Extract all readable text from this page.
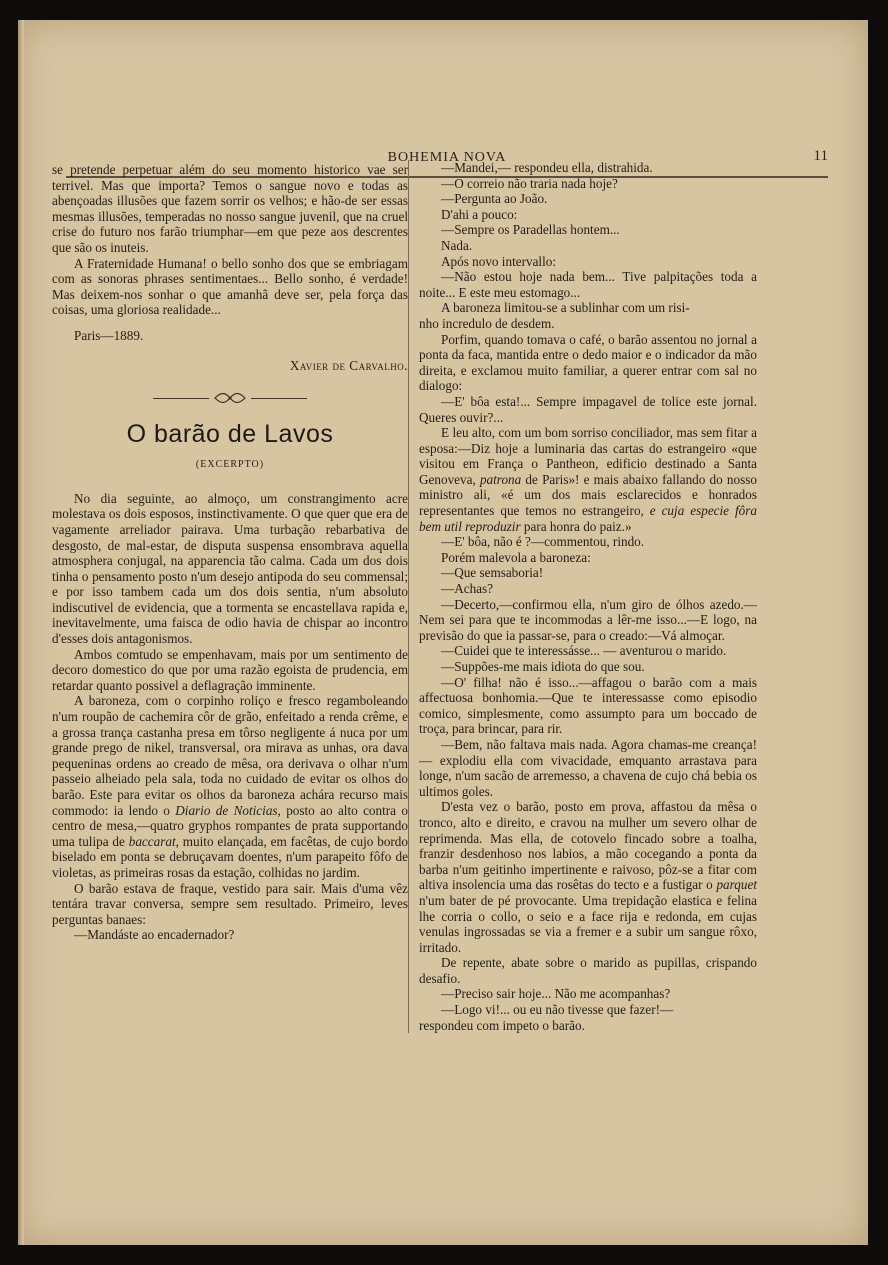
BOHEMIA NOVA	11

se pretende perpetuar além do seu momento historico vae ser terrivel. Mas que importa? Temos o sangue novo e todas as abençoadas illusões que fazem sorrir os velhos; e hão-de ser essas mesmas illusões, temperadas no nosso sangue juvenil, que na cruel crise do futuro nos farão triumphar—em que peze aos descrentes que são os inuteis.

A Fraternidade Humana! o bello sonho dos que se embriagam com as sonoras phrases sentimentaes... Bello sonho, é verdade! Mas deixem-nos sonhar o que amanhã deve ser, pela força das coisas, uma gloriosa realidade...

Paris—1889.

Xavier de Carvalho.

O barão de Lavos

(EXCERPTO)

No dia seguinte, ao almoço, um constrangimento acre molestava os dois esposos, instinctivamente. O que quer que era de vagamente arreliador pairava. Uma turbação rebarbativa de desgosto, de mal-estar, de disputa suspensa ensombrava aquella atmosphera conjugal, na apparencia tão calma. Cada um dos dois tinha o pensamento posto n'um desejo antipoda do seu commensal; e por isso tambem cada um dos dois sentia, n'um absoluto indiscutivel de evidencia, que a tormenta se encastellava rapida e, inevitavelmente, uma faisca de odio havia de chispar ao incontro d'esses dois antagonismos.

Ambos comtudo se empenhavam, mais por um sentimento de decoro domestico do que por uma razão egoista de prudencia, em retardar quanto possivel a deflagração imminente.

A baroneza, com o corpinho roliço e fresco regamboleando n'um roupão de cachemira côr de grão, enfeitado a renda crême, e a grossa trança castanha presa em tôrso negligente á nuca por um grande prego de nikel, transversal, ora mirava as unhas, ora dava pequeninas ordens ao creado de mêsa, ora derivava o olhar n'um passeio alheiado pela sala, toda no cuidado de evitar os olhos do barão. Este para evitar os olhos da baroneza achára recurso mais commodo: ia lendo o Diario de Noticias, posto ao alto contra o centro de mesa,—quatro gryphos rompantes de prata supportando uma tulipa de baccarat, muito elançada, em facêtas, de cujo bordo biselado em ponta se debruçavam doentes, n'um parapeito fôfo de violetas, as primeiras rosas da estação, colhidas no jardim.

O barão estava de fraque, vestido para sair. Mais d'uma vêz tentára travar conversa, sempre sem resultado. Primeiro, leves perguntas banaes:

—Mandáste ao encadernador?

—Mandei,— respondeu ella, distrahida.

—O correio não traria nada hoje?

—Pergunta ao João.

D'ahi a pouco:

—Sempre os Paradellas hontem...

Nada.

Após novo intervallo:

—Não estou hoje nada bem... Tive palpitações toda a noite... E este meu estomago...

A baroneza limitou-se a sublinhar com um risi-

nho incredulo de desdem.

Porfim, quando tomava o café, o barão assentou no jornal a ponta da faca, mantida entre o dedo maior e o indicador da mão direita, e exclamou muito familiar, a querer entrar com sal no dialogo:

—E' bôa esta!... Sempre impagavel de tolice este jornal. Queres ouvir?...

E leu alto, com um bom sorriso conciliador, mas sem fitar a esposa:—Diz hoje a luminaria das cartas do estrangeiro «que visitou em França o Pantheon, edificio destinado a Santa Genoveva, patrona de Paris»! e mais abaixo fallando do nosso ministro ali, «é um dos mais esclarecidos e honrados representantes que temos no estrangeiro, e cuja especie fôra bem util reproduzir para honra do paiz.»

—E' bôa, não é ?—commentou, rindo.

Porém malevola a baroneza:

—Que semsaboria!

—Achas?

—Decerto,—confirmou ella, n'um giro de ólhos azedo.—Nem sei para que te incommodas a lêr-me isso...—E logo, na previsão do que ia passar-se, para o creado:—Vá almoçar.

—Cuidei que te interessásse... — aventurou o marido.

—Suppões-me mais idiota do que sou.

—O' filha! não é isso...—affagou o barão com a mais affectuosa bonhomia.—Que te interessasse como episodio comico, simplesmente, como assumpto para um boccado de troça, para brincar, para rir.

—Bem, não faltava mais nada. Agora chamas-me creança! — explodiu ella com vivacidade, emquanto arrastava para longe, n'um sacão de arremesso, a chavena de cujo chá bebia os ultimos goles.

D'esta vez o barão, posto em prova, affastou da mêsa o tronco, alto e direito, e cravou na mulher um severo olhar de reprimenda. Mas ella, de cotovelo fincado sobre a toalha, franzir desdenhoso nos labios, a mão cocegando a ponta da barba n'um geitinho impertinente e raivoso, pôz-se a fitar com altiva insolencia uma das rosêtas do tecto e a fustigar o parquet n'um bater de pé provocante. Uma trepidação elastica e felina lhe corria o collo, o seio e a face rija e redonda, em cujas venulas ingrossadas se via a fremer e a subir um sangue rôxo, irritado.

De repente, abate sobre o marido as pupillas, crispando desafio.

—Preciso sair hoje... Não me acompanhas?

—Logo vi!... ou eu não tivesse que fazer!—

respondeu com impeto o barão.
